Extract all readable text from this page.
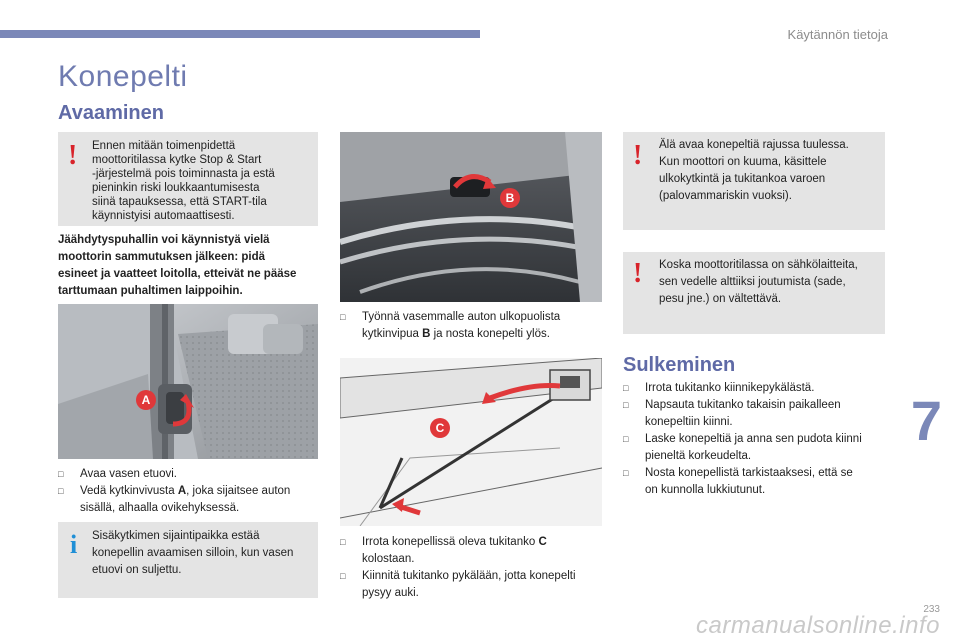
Käytännön tietoja
Konepelti
Avaaminen
! Ennen mitään toimenpidettä
moottoritilassa kytke Stop & Start
-järjestelmä pois toiminnasta ja estä
pieninkin riski loukkaantumisesta
siinä tapauksessa, että START-tila
käynnistyisi automaattisesti.
Jäähdytyspuhallin voi käynnistyä vielä
moottorin sammutuksen jälkeen: pidä
esineet ja vaatteet loitolla, etteivät ne pääse
tarttumaan puhaltimen laippoihin.
A
□ Avaa vasen etuovi.
□ Vedä kytkinvivusta A, joka sijaitsee auton
sisällä, alhaalla ovikehyksessä.
i Sisäkytkimen sijaintipaikka estää
konepellin avaamisen silloin, kun vasen
etuovi on suljettu.
B
□ Työnnä vasemmalle auton ulkopuolista
kytkinvipua B ja nosta konepelti ylös.
C
□ Irrota konepellissä oleva tukitanko C
kolostaan.
□ Kiinnitä tukitanko pykälään, jotta konepelti
pysyy auki.
! Älä avaa konepeltiä rajussa tuulessa.
Kun moottori on kuuma, käsittele
ulkokytkintä ja tukitankoa varoen
(palovammariskin vuoksi).
! Koska moottoritilassa on sähkölaitteita,
sen vedelle alttiiksi joutumista (sade,
pesu jne.) on vältettävä.
Sulkeminen
□ Irrota tukitanko kiinnikepykälästä.
□ Napsauta tukitanko takaisin paikalleen
konepeltiin kiinni.
□ Laske konepeltiä ja anna sen pudota kiinni
pieneltä korkeudelta.
□ Nosta konepellistä tarkistaaksesi, että se
on kunnolla lukkiutunut.
7
carmanualsonline.info
233
